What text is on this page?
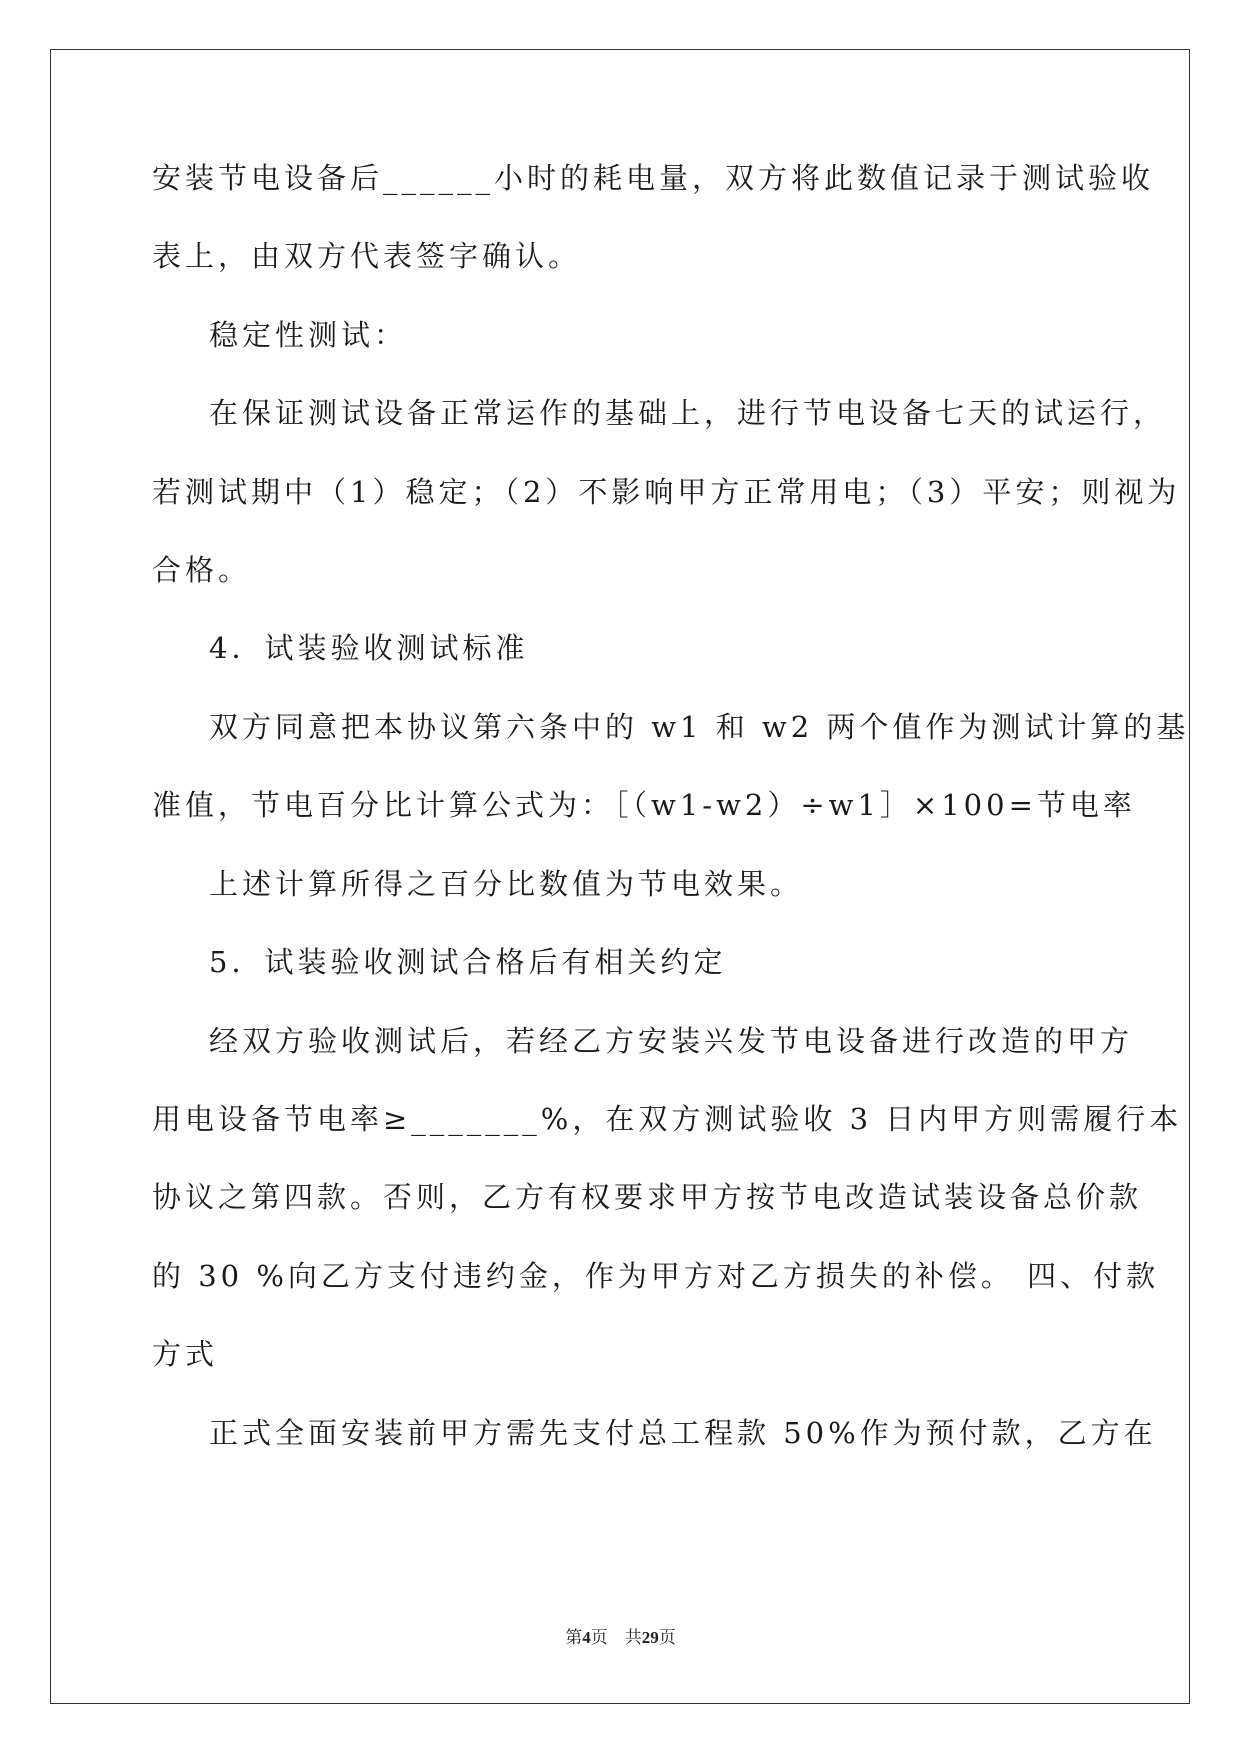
安装节电设备后______小时的耗电量，双方将此数值记录于测试验收
表上，由双方代表签字确认。
稳定性测试：
在保证测试设备正常运作的基础上，进行节电设备七天的试运行，
若测试期中（1）稳定；（2）不影响甲方正常用电；（3）平安；则视为
合格。
4．试装验收测试标准
双方同意把本协议第六条中的 w1 和 w2 两个值作为测试计算的基
准值，节电百分比计算公式为：［（w1-w2）÷w1］×100=节电率
上述计算所得之百分比数值为节电效果。
5．试装验收测试合格后有相关约定
经双方验收测试后，若经乙方安装兴发节电设备进行改造的甲方
用电设备节电率≥_______%，在双方测试验收 3 日内甲方则需履行本
协议之第四款。否则，乙方有权要求甲方按节电改造试装设备总价款
的 30 %向乙方支付违约金，作为甲方对乙方损失的补偿。 四、付款
方式
正式全面安装前甲方需先支付总工程款 50%作为预付款，乙方在
第4页 共29页
